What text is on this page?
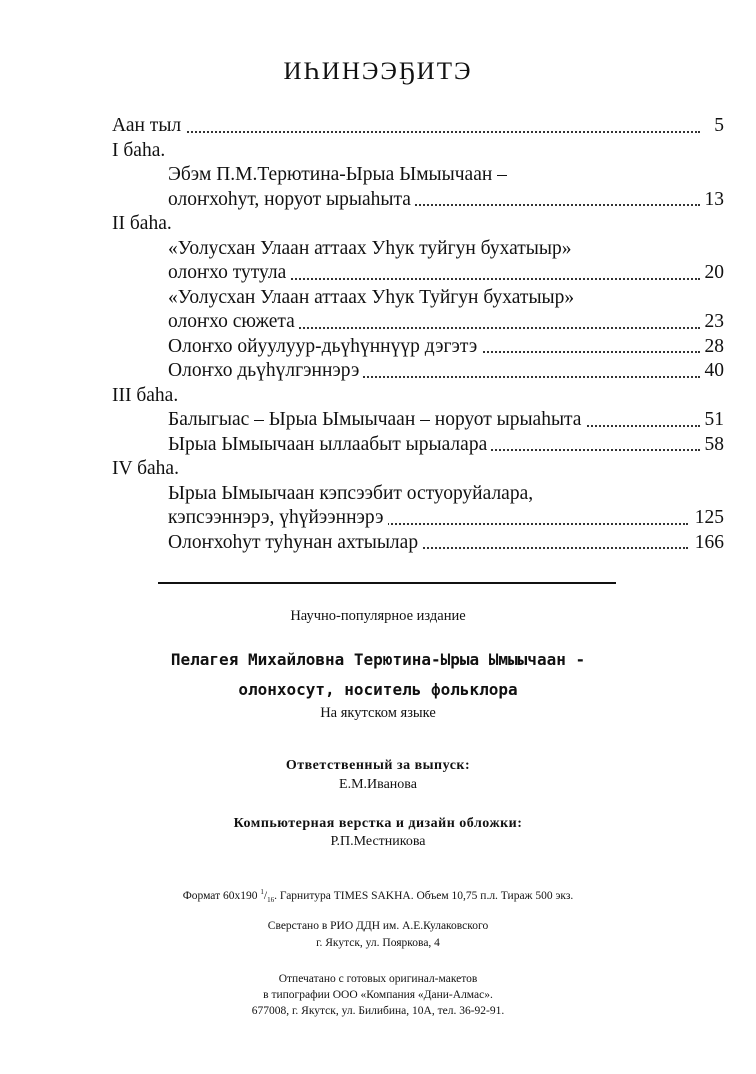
ИҺИНЭЭҔИТЭ
Аан тыл	5
I баһа.
Эбэм П.М.Терютина-Ырыа Ымыычаан –
олоҥхоһут, норуот ырыаһыта	13
II баһа.
«Уолусхан Улаан аттаах Уһук туйгун бухатыыр»
олоҥхо тутула	20
«Уолусхан Улаан аттаах Уһук Туйгун бухатыыр»
олоҥхо сюжета	23
Олоҥхо ойуулуур-дьүһүннүүр дэгэтэ	28
Олоҥхо дьүһүлгэннэрэ	40
III баһа.
Балыгыас – Ырыа Ымыычаан – норуот ырыаһыта	51
Ырыа Ымыычаан ыллаабыт ырыалара	58
IV баһа.
Ырыа Ымыычаан кэпсээбит остуоруйалара,
кэпсээннэрэ, үһүйээннэрэ	125
Олоҥхоһут туһунан ахтыылар	166
Научно-популярное издание
Пелагея Михайловна Терютина-Ырыа Ымыычаан -
олонхосут, носитель фольклора
На якутском языке
Ответственный за выпуск:
Е.М.Иванова
Компьютерная верстка и дизайн обложки:
Р.П.Местникова
Формат 60х190 $^1/_{16}$. Гарнитура TIMES SAKHA. Объем 10,75 п.л. Тираж 500 экз.
Сверстано в РИО ДДН им. А.Е.Кулаковского
г. Якутск, ул. Пояркова, 4
Отпечатано с готовых оригинал-макетов
в типографии ООО «Компания «Дани-Алмас».
677008, г. Якутск, ул. Билибина, 10А, тел. 36-92-91.
